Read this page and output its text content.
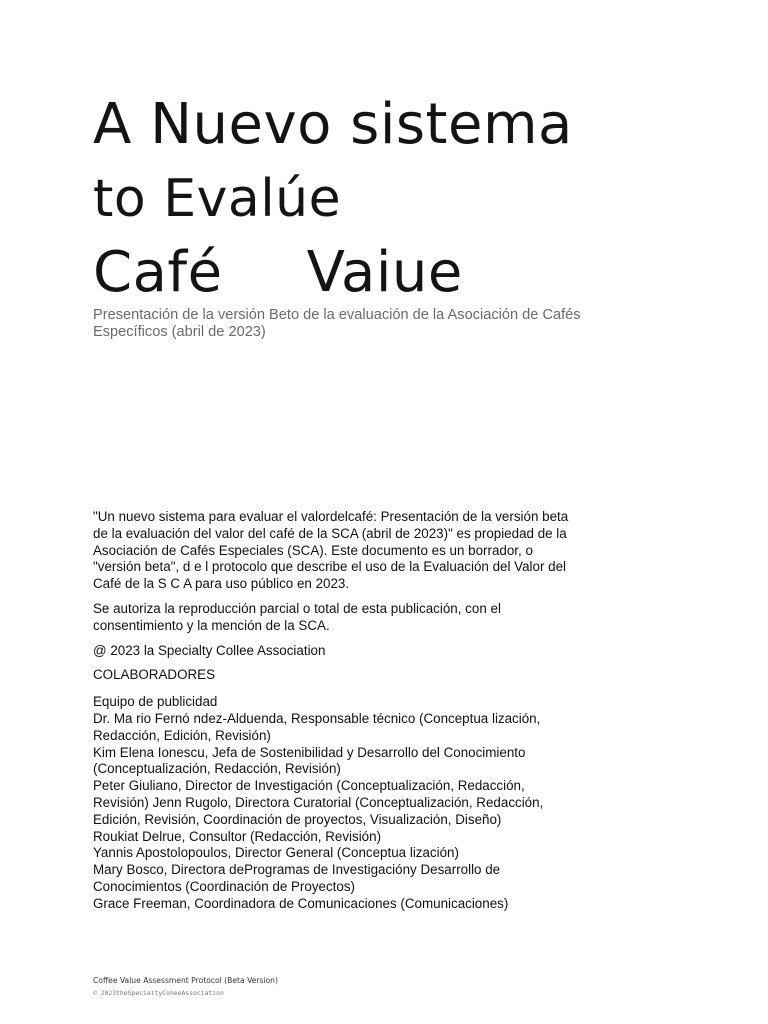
A Nuevo sistema
to Evalúe
Café Vaiue

Presentación de la versión Beto de la evaluación de la Asociación de Cafés Específicos (abril de 2023)

"Un nuevo sistema para evaluar el valordelcafé: Presentación de la versión beta de la evaluación del valor del café de la SCA (abril de 2023)" es propiedad de la Asociación de Cafés Especiales (SCA). Este documento es un borrador, o "versión beta", d e l protocolo que describe el uso de la Evaluación del Valor del Café de la S C A para uso público en 2023.

Se autoriza la reproducción parcial o total de esta publicación, con el consentimiento y la mención de la SCA.

@ 2023 la Specialty Collee Association

COLABORADORES

Equipo de publicidad
Dr. Ma rio Fernó ndez-Alduenda, Responsable técnico (Conceptua lización, Redacción, Edición, Revisión)
Kim Elena Ionescu, Jefa de Sostenibilidad y Desarrollo del Conocimiento (Conceptualización, Redacción, Revisión)
Peter Giuliano, Director de Investigación (Conceptualización, Redacción, Revisión) Jenn Rugolo, Directora Curatorial (Conceptualización, Redacción, Edición, Revisión, Coordinación de proyectos, Visualización, Diseño)
Roukiat Delrue, Consultor (Redacción, Revisión)
Yannis Apostolopoulos, Director General (Conceptua lización)
Mary Bosco, Directora deProgramas de Investigacióny Desarrollo de Conocimientos (Coordinación de Proyectos)
Grace Freeman, Coordinadora de Comunicaciones (Comunicaciones)

Coffee Value Assessment Protocol (Beta Version)

© 2023theSpecialtyCoheeAssociation
